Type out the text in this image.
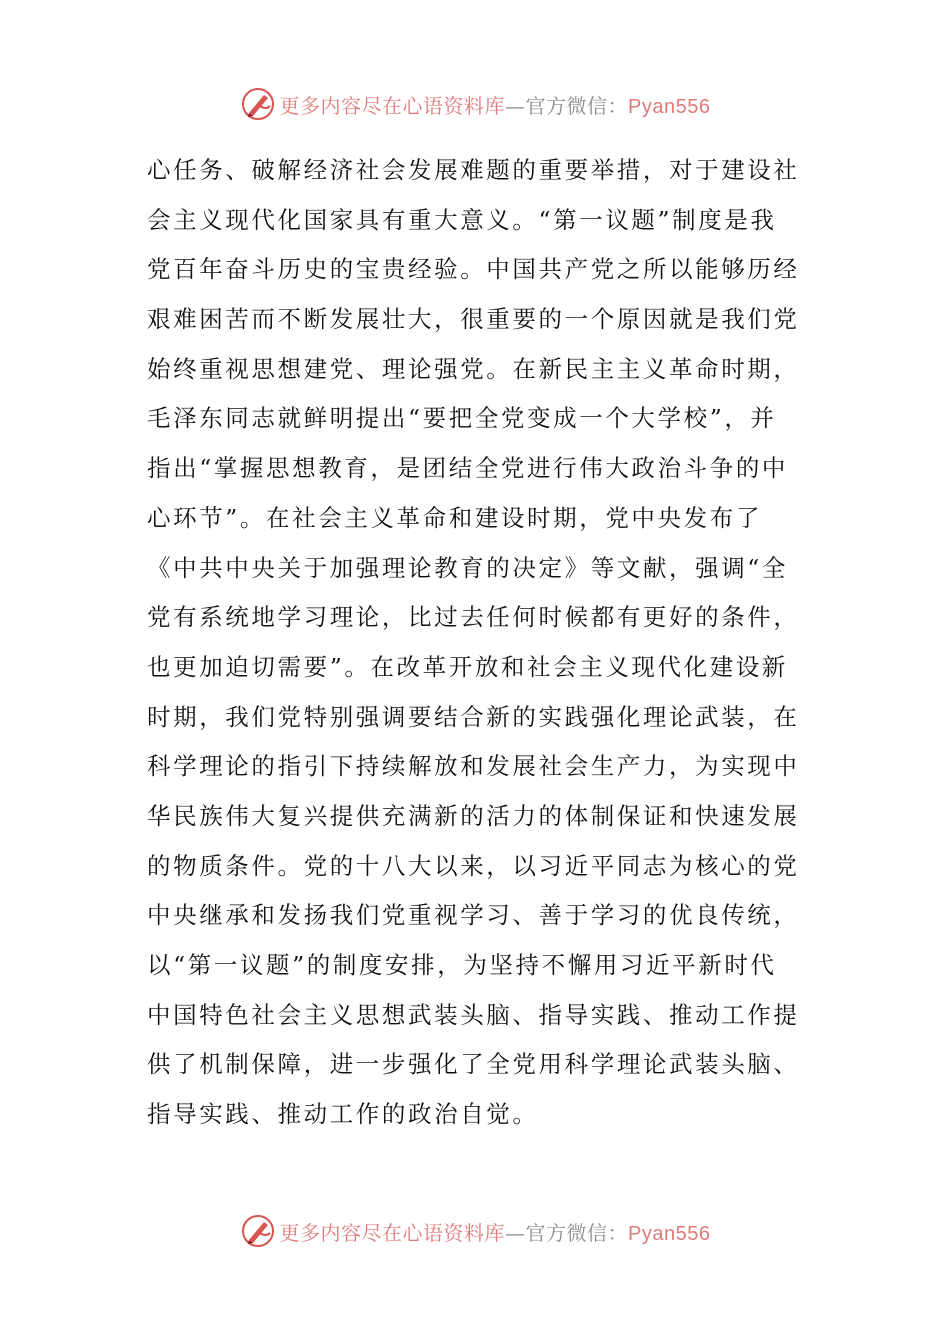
更多内容尽在心语资料库—官方微信：Pyan556
心任务、破解经济社会发展难题的重要举措，对于建设社
会主义现代化国家具有重大意义。“第一议题”制度是我
党百年奋斗历史的宝贵经验。中国共产党之所以能够历经
艰难困苦而不断发展壮大，很重要的一个原因就是我们党
始终重视思想建党、理论强党。在新民主主义革命时期，
毛泽东同志就鲜明提出“要把全党变成一个大学校”，并
指出“掌握思想教育，是团结全党进行伟大政治斗争的中
心环节”。在社会主义革命和建设时期，党中央发布了
《中共中央关于加强理论教育的决定》等文献，强调“全
党有系统地学习理论，比过去任何时候都有更好的条件，
也更加迫切需要”。在改革开放和社会主义现代化建设新
时期，我们党特别强调要结合新的实践强化理论武装，在
科学理论的指引下持续解放和发展社会生产力，为实现中
华民族伟大复兴提供充满新的活力的体制保证和快速发展
的物质条件。党的十八大以来，以习近平同志为核心的党
中央继承和发扬我们党重视学习、善于学习的优良传统，
以“第一议题”的制度安排，为坚持不懈用习近平新时代
中国特色社会主义思想武装头脑、指导实践、推动工作提
供了机制保障，进一步强化了全党用科学理论武装头脑、
指导实践、推动工作的政治自觉。
更多内容尽在心语资料库—官方微信：Pyan556
